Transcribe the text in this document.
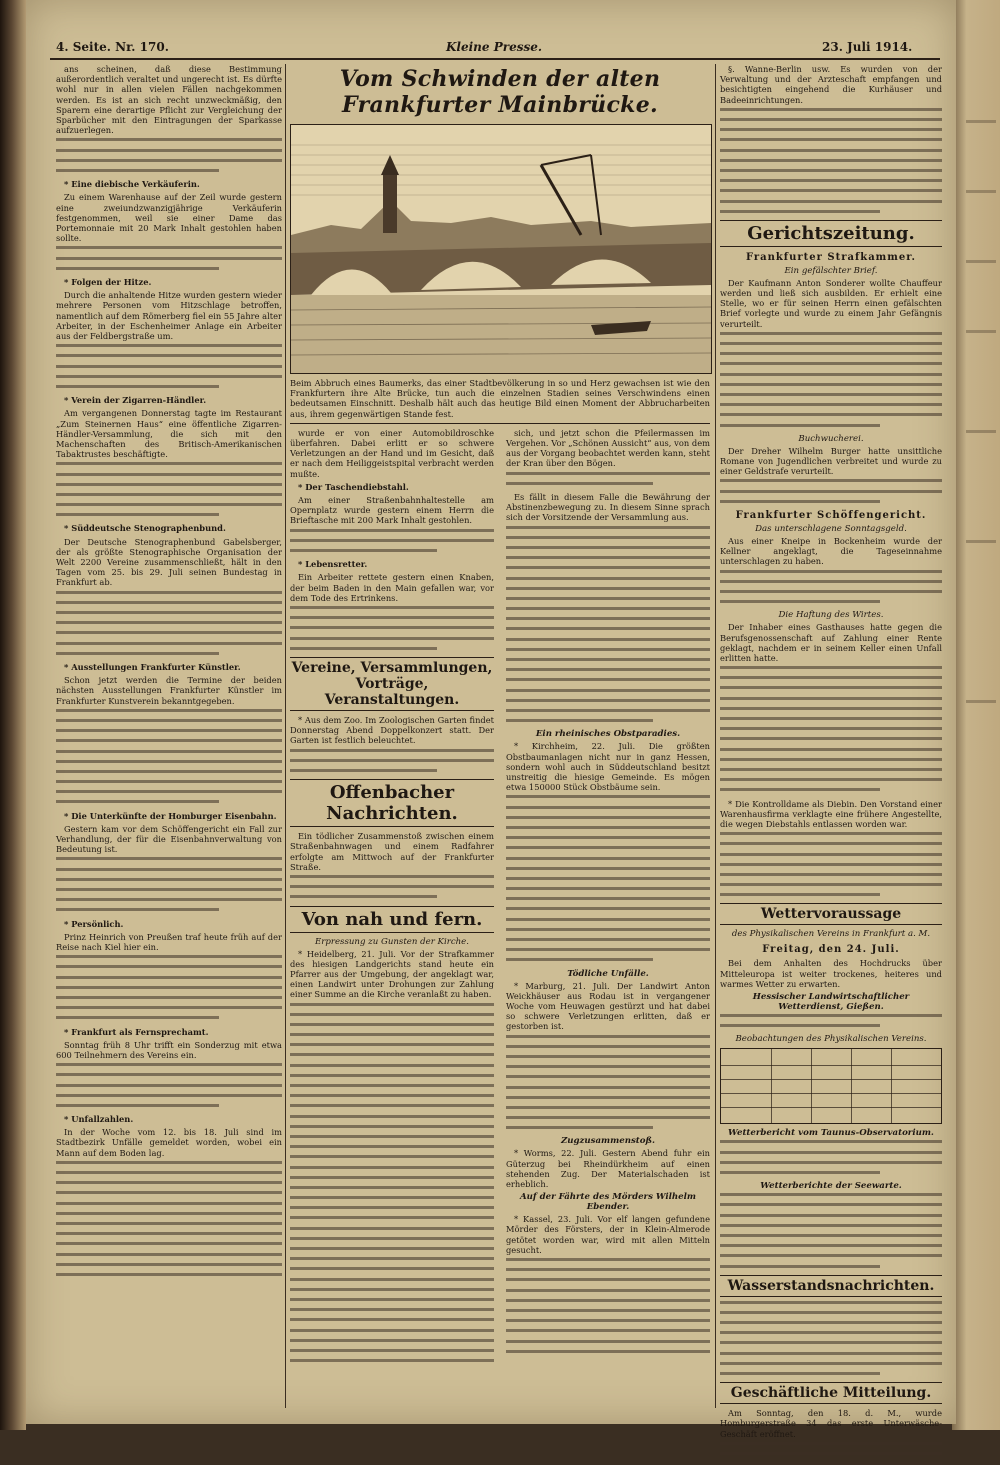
4. Seite. Nr. 170.	Kleine Presse.	23. Juli 1914.

ans scheinen, daß diese Bestimmung außerordentlich veraltet und ungerecht ist. Es dürfte wohl nur in allen vielen Fällen nachgekommen werden. Es ist an sich recht unzweckmäßig, den Sparern eine derartige Pflicht zur Vergleichung der Sparbücher mit den Eintragungen der Sparkasse aufzuerlegen.

* Eine diebische Verkäuferin.

Zu einem Warenhause auf der Zeil wurde gestern eine zweiundzwanzigjährige Verkäuferin festgenommen, weil sie einer Dame das Portemonnaie mit 20 Mark Inhalt gestohlen haben sollte.

* Folgen der Hitze.

Durch die anhaltende Hitze wurden gestern wieder mehrere Personen vom Hitzschlage betroffen, namentlich auf dem Römerberg fiel ein 55 Jahre alter Arbeiter, in der Eschenheimer Anlage ein Arbeiter aus der Feldbergstraße um.

* Verein der Zigarren-Händler.

Am vergangenen Donnerstag tagte im Restaurant „Zum Steinernen Haus“ eine öffentliche Zigarren-Händler-Versammlung, die sich mit den Machenschaften des Britisch-Amerikanischen Tabaktrustes beschäftigte.

* Süddeutsche Stenographenbund.

Der Deutsche Stenographenbund Gabelsberger, der als größte Stenographische Organisation der Welt 2200 Vereine zusammenschließt, hält in den Tagen vom 25. bis 29. Juli seinen Bundestag in Frankfurt ab.

* Ausstellungen Frankfurter Künstler.

Schon jetzt werden die Termine der beiden nächsten Ausstellungen Frankfurter Künstler im Frankfurter Kunstverein bekanntgegeben.

* Die Unterkünfte der Homburger Eisenbahn.

Gestern kam vor dem Schöffengericht ein Fall zur Verhandlung, der für die Eisenbahnverwaltung von Bedeutung ist.

* Persönlich.

Prinz Heinrich von Preußen traf heute früh auf der Reise nach Kiel hier ein.

* Frankfurt als Fernsprechamt.

Sonntag früh 8 Uhr trifft ein Sonderzug mit etwa 600 Teilnehmern des Vereins ein.

* Unfallzahlen.

In der Woche vom 12. bis 18. Juli sind im Stadtbezirk Unfälle gemeldet worden, wobei ein Mann auf dem Boden lag.

Vom Schwinden der alten Frankfurter Mainbrücke.
Beim Abbruch eines Baumerks, das einer Stadtbevölkerung in so und Herz gewachsen ist wie den Frankfurtern ihre Alte Brücke, tun auch die einzelnen Stadien seines Verschwindens einen bedeutsamen Einschnitt. Deshalb hält auch das heutige Bild einen Moment der Abbrucharbeiten aus, ihrem gegenwärtigen Stande fest.

wurde er von einer Automobildroschke überfahren. Dabei erlitt er so schwere Verletzungen an der Hand und im Gesicht, daß er nach dem Heiliggeistspital verbracht werden mußte.

* Der Taschendiebstahl.

Am einer Straßenbahnhaltestelle am Opernplatz wurde gestern einem Herrn die Brieftasche mit 200 Mark Inhalt gestohlen.

* Lebensretter.

Ein Arbeiter rettete gestern einen Knaben, der beim Baden in den Main gefallen war, vor dem Tode des Ertrinkens.

Vereine, Versammlungen, Vorträge, Veranstaltungen.

* Aus dem Zoo. Im Zoologischen Garten findet Donnerstag Abend Doppelkonzert statt. Der Garten ist festlich beleuchtet.

Offenbacher Nachrichten.

Ein tödlicher Zusammenstoß zwischen einem Straßenbahnwagen und einem Radfahrer erfolgte am Mittwoch auf der Frankfurter Straße.

Von nah und fern.
Erpressung zu Gunsten der Kirche.

* Heidelberg, 21. Juli. Vor der Strafkammer des hiesigen Landgerichts stand heute ein Pfarrer aus der Umgebung, der angeklagt war, einen Landwirt unter Drohungen zur Zahlung einer Summe an die Kirche veranlaßt zu haben.

sich, und jetzt schon die Pfeilermassen im Vergehen. Vor „Schönen Aussicht“ aus, von dem aus der Vorgang beobachtet werden kann, steht der Kran über den Bögen.

Es fällt in diesem Falle die Bewährung der Abstinenzbewegung zu. In diesem Sinne sprach sich der Vorsitzende der Versammlung aus.

Ein rheinisches Obstparadies.

* Kirchheim, 22. Juli. Die größten Obstbaumanlagen nicht nur in ganz Hessen, sondern wohl auch in Süddeutschland besitzt unstreitig die hiesige Gemeinde. Es mögen etwa 150000 Stück Obstbäume sein.

Tödliche Unfälle.

* Marburg, 21. Juli. Der Landwirt Anton Weickhäuser aus Rodau ist in vergangener Woche vom Heuwagen gestürzt und hat dabei so schwere Verletzungen erlitten, daß er gestorben ist.

Zugzusammenstoß.

* Worms, 22. Juli. Gestern Abend fuhr ein Güterzug bei Rheindürkheim auf einen stehenden Zug. Der Materialschaden ist erheblich.

Auf der Fährte des Mörders Wilhelm Ebender.

* Kassel, 23. Juli. Vor elf langen gefundene Mörder des Försters, der in Klein-Almerode getötet worden war, wird mit allen Mitteln gesucht.

§. Wanne-Berlin usw. Es wurden von der Verwaltung und der Arzteschaft empfangen und besichtigten eingehend die Kurhäuser und Badeeinrichtungen.

Gerichtszeitung.
Frankfurter Strafkammer.
Ein gefälschter Brief.

Der Kaufmann Anton Sonderer wollte Chauffeur werden und ließ sich ausbilden. Er erhielt eine Stelle, wo er für seinen Herrn einen gefälschten Brief vorlegte und wurde zu einem Jahr Gefängnis verurteilt.

Buchwucherei.

Der Dreher Wilhelm Burger hatte unsittliche Romane von Jugendlichen verbreitet und wurde zu einer Geldstrafe verurteilt.

Frankfurter Schöffengericht.
Das unterschlagene Sonntagsgeld.

Aus einer Kneipe in Bockenheim wurde der Kellner angeklagt, die Tageseinnahme unterschlagen zu haben.

Die Haftung des Wirtes.

Der Inhaber eines Gasthauses hatte gegen die Berufsgenossenschaft auf Zahlung einer Rente geklagt, nachdem er in seinem Keller einen Unfall erlitten hatte.

* Die Kontrolldame als Diebin. Den Vorstand einer Warenhausfirma verklagte eine frühere Angestellte, die wegen Diebstahls entlassen worden war.

Wettervoraussage
des Physikalischen Vereins in Frankfurt a. M.
Freitag, den 24. Juli.

Bei dem Anhalten des Hochdrucks über Mitteleuropa ist weiter trockenes, heiteres und warmes Wetter zu erwarten.

Hessischer Landwirtschaftlicher Wetterdienst, Gießen.
Beobachtungen des Physikalischen Vereins.
Wetterbericht vom Taunus-Observatorium.
Wetterberichte der Seewarte.
Wasserstandsnachrichten.
Geschäftliche Mitteilung.

Am Sonntag, den 18. d. M., wurde Homburgerstraße 34 das erste Unterwäsche-Geschäft eröffnet.
